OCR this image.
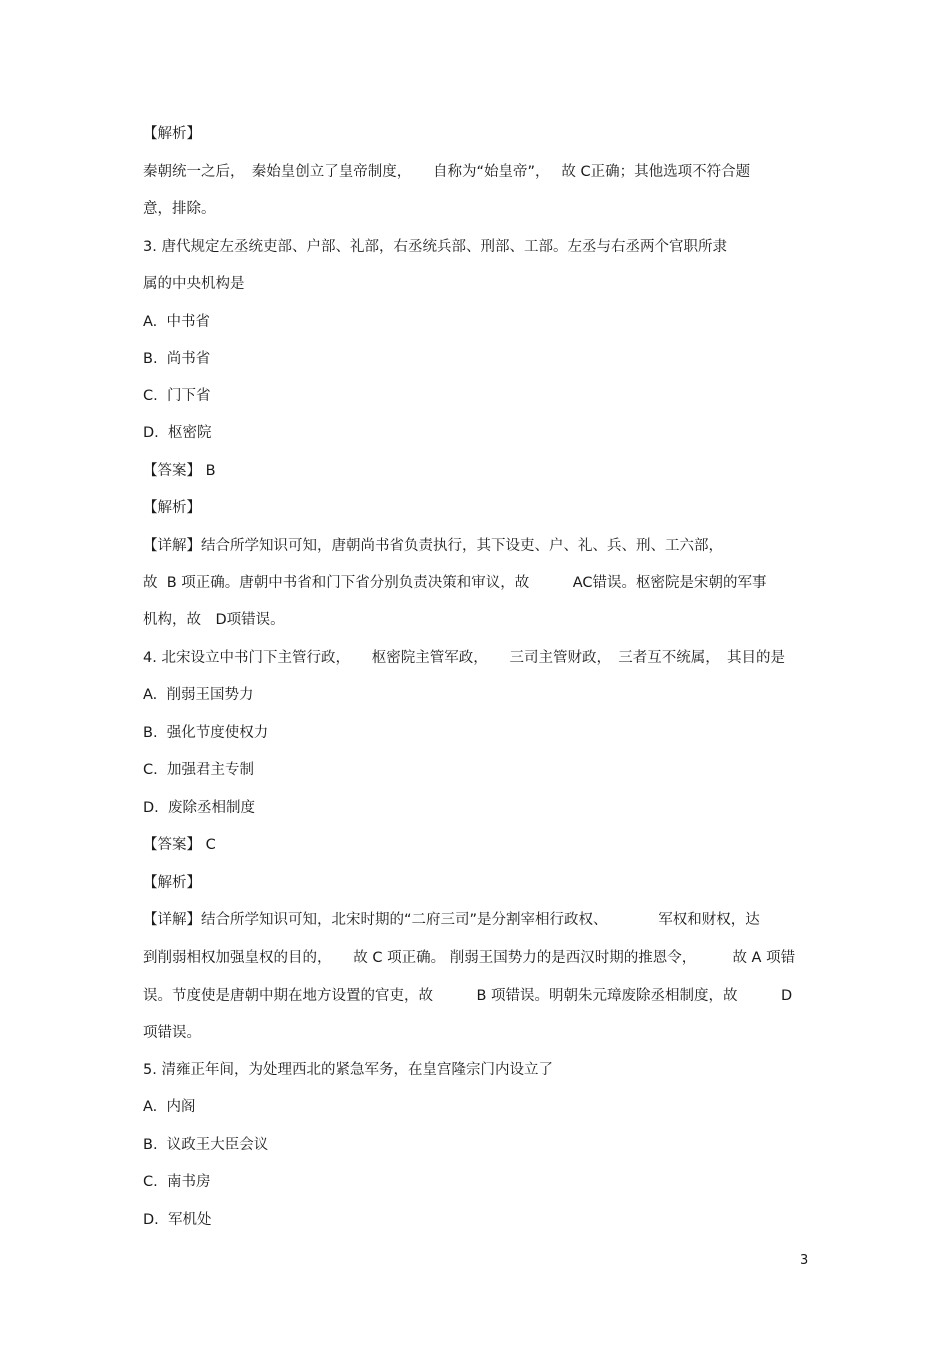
【解析】
秦朝统一之后，　秦始皇创立了皇帝制度，　　自称为“始皇帝”，　 故 C正确；其他选项不符合题
意，排除。
3. 唐代规定左丞统吏部、户部、礼部，右丞统兵部、刑部、工部。左丞与右丞两个官职所隶
属的中央机构是
A.  中书省
B.  尚书省
C.  门下省
D.  枢密院
【答案】 B
【解析】
【详解】结合所学知识可知，唐朝尚书省负责执行，其下设吏、户、礼、兵、刑、工六部，
故  B 项正确。唐朝中书省和门下省分别负责决策和审议，故　　　AC错误。枢密院是宋朝的军事
机构，故　D项错误。
4. 北宋设立中书门下主管行政，　　枢密院主管军政，　　三司主管财政，　三者互不统属，　其目的是
A.  削弱王国势力
B.  强化节度使权力
C.  加强君主专制
D.  废除丞相制度
【答案】 C
【解析】
【详解】结合所学知识可知，北宋时期的“二府三司”是分割宰相行政权、　　　　军权和财权，达
到削弱相权加强皇权的目的，　　故 C 项正确。 削弱王国势力的是西汉时期的推恩令，　　　故 A 项错
误。节度使是唐朝中期在地方设置的官吏，故　　　B 项错误。明朝朱元璋废除丞相制度，故　　　D
项错误。
5. 清雍正年间，为处理西北的紧急军务，在皇宫隆宗门内设立了
A.  内阁
B.  议政王大臣会议
C.  南书房
D.  军机处
3
